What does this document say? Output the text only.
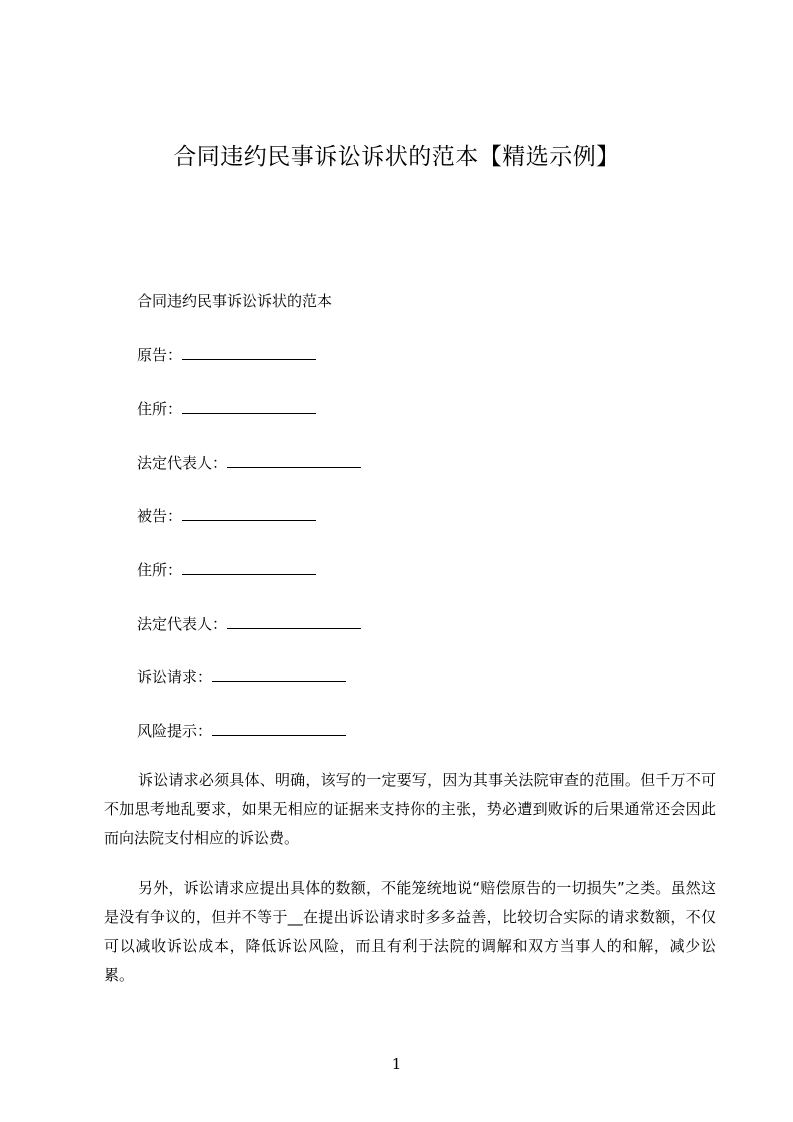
合同违约民事诉讼诉状的范本【精选示例】
合同违约民事诉讼诉状的范本
原告：
住所：
法定代表人：
被告：
住所：
法定代表人：
诉讼请求：
风险提示：

诉讼请求必须具体、明确，该写的一定要写，因为其事关法院审查的范围。但千万不可不加思考地乱要求，如果无相应的证据来支持你的主张，势必遭到败诉的后果通常还会因此而向法院支付相应的诉讼费。

另外，诉讼请求应提出具体的数额，不能笼统地说“赔偿原告的一切损失”之类。虽然这是没有争议的，但并不等于__在提出诉讼请求时多多益善，比较切合实际的请求数额，不仅可以减收诉讼成本，降低诉讼风险，而且有利于法院的调解和双方当事人的和解，减少讼累。

1
